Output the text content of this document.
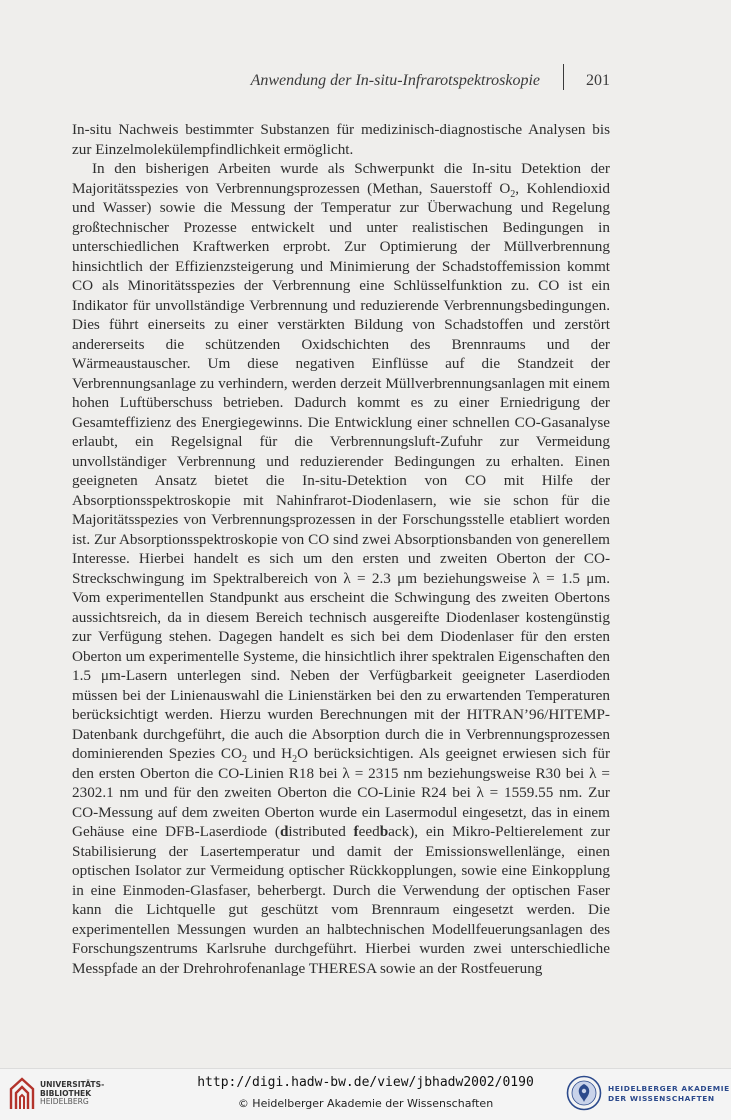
Anwendung der In-situ-Infrarotspektroskopie	201

In-situ Nachweis bestimmter Substanzen für medizinisch-diagnostische Analysen bis zur Einzelmolekülempfindlichkeit ermöglicht.

In den bisherigen Arbeiten wurde als Schwerpunkt die In-situ Detektion der Majoritätsspezies von Verbrennungsprozessen (Methan, Sauerstoff $O_2$, Kohlendioxid und Wasser) sowie die Messung der Temperatur zur Überwachung und Regelung großtechnischer Prozesse entwickelt und unter realistischen Bedingungen in unterschiedlichen Kraftwerken erprobt. Zur Optimierung der Müllverbrennung hinsichtlich der Effizienzsteigerung und Minimierung der Schadstoffemission kommt CO als Minoritätsspezies der Verbrennung eine Schlüsselfunktion zu. CO ist ein Indikator für unvollständige Verbrennung und reduzierende Verbrennungsbedingungen. Dies führt einerseits zu einer verstärkten Bildung von Schadstoffen und zerstört andererseits die schützenden Oxidschichten des Brennraums und der Wärmeaustauscher. Um diese negativen Einflüsse auf die Standzeit der Verbrennungsanlage zu verhindern, werden derzeit Müllverbrennungsanlagen mit einem hohen Luftüberschuss betrieben. Dadurch kommt es zu einer Erniedrigung der Gesamteffizienz des Energiegewinns. Die Entwicklung einer schnellen CO-Gasanalyse erlaubt, ein Regelsignal für die Verbrennungsluft-Zufuhr zur Vermeidung unvollständiger Verbrennung und reduzierender Bedingungen zu erhalten. Einen geeigneten Ansatz bietet die In-situ-Detektion von CO mit Hilfe der Absorptionsspektroskopie mit Nahinfrarot-Diodenlasern, wie sie schon für die Majoritätsspezies von Verbrennungsprozessen in der Forschungsstelle etabliert worden ist. Zur Absorptionsspektroskopie von CO sind zwei Absorptionsbanden von generellem Interesse. Hierbei handelt es sich um den ersten und zweiten Oberton der CO-Streckschwingung im Spektralbereich von λ = 2.3 μm beziehungsweise λ = 1.5 μm. Vom experimentellen Standpunkt aus erscheint die Schwingung des zweiten Obertons aussichtsreich, da in diesem Bereich technisch ausgereifte Diodenlaser kostengünstig zur Verfügung stehen. Dagegen handelt es sich bei dem Diodenlaser für den ersten Oberton um experimentelle Systeme, die hinsichtlich ihrer spektralen Eigenschaften den 1.5 μm-Lasern unterlegen sind. Neben der Verfügbarkeit geeigneter Laserdioden müssen bei der Linienauswahl die Linienstärken bei den zu erwartenden Temperaturen berücksichtigt werden. Hierzu wurden Berechnungen mit der HITRAN’96/HITEMP-Datenbank durchgeführt, die auch die Absorption durch die in Verbrennungsprozessen dominierenden Spezies $CO_2$ und $H_2O$ berücksichtigen. Als geeignet erwiesen sich für den ersten Oberton die CO-Linien R18 bei λ = 2315 nm beziehungsweise R30 bei λ = 2302.1 nm und für den zweiten Oberton die CO-Linie R24 bei λ = 1559.55 nm. Zur CO-Messung auf dem zweiten Oberton wurde ein Lasermodul eingesetzt, das in einem Gehäuse eine DFB-Laserdiode (distributed feedback), ein Mikro-Peltierelement zur Stabilisierung der Lasertemperatur und damit der Emissionswellenlänge, einen optischen Isolator zur Vermeidung optischer Rückkopplungen, sowie eine Einkopplung in eine Einmoden-Glasfaser, beherbergt. Durch die Verwendung der optischen Faser kann die Lichtquelle gut geschützt vom Brennraum eingesetzt werden. Die experimentellen Messungen wurden an halbtechnischen Modellfeuerungsanlagen des Forschungszentrums Karlsruhe durchgeführt. Hierbei wurden zwei unterschiedliche Messpfade an der Drehrohrofenanlage THERESA sowie an der Rostfeuerung

UNIVERSITÄTS-
BIBLIOTHEK
HEIDELBERG
http://digi.hadw-bw.de/view/jbhadw2002/0190
© Heidelberger Akademie der Wissenschaften
HEIDELBERGER AKADEMIE
DER WISSENSCHAFTEN
